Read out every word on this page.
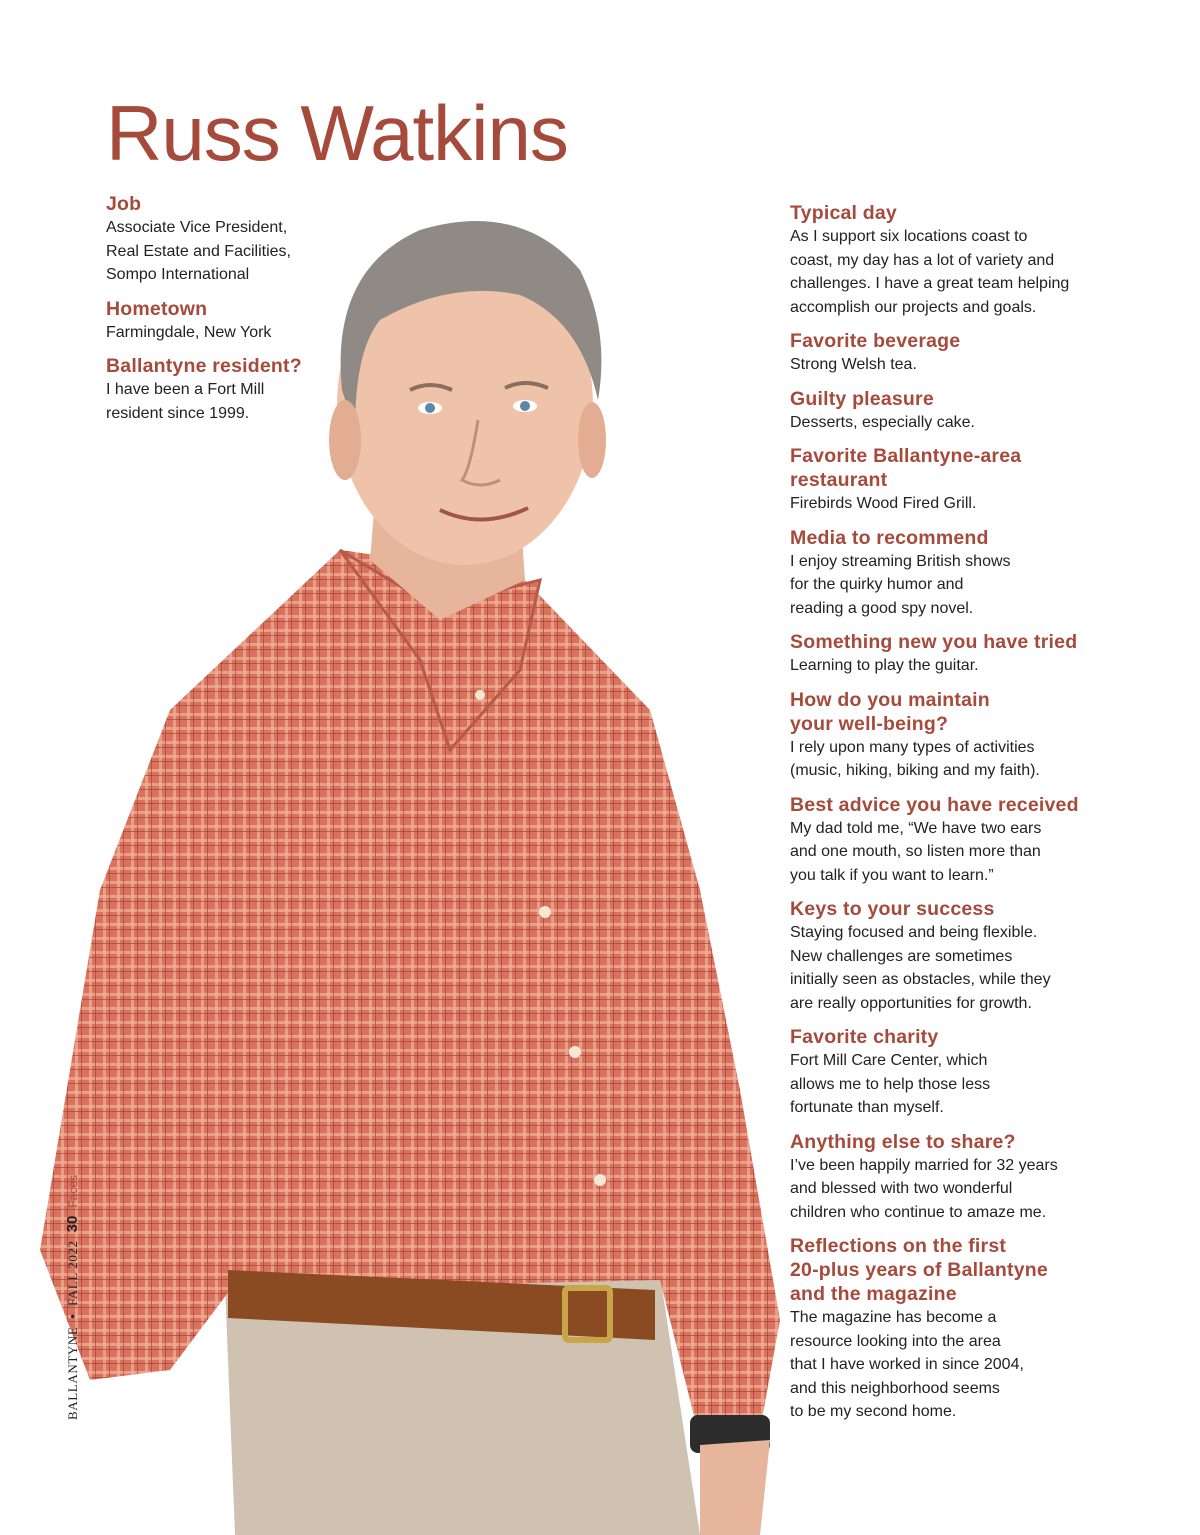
Russ Watkins
Job

Associate Vice President,
Real Estate and Facilities,
Sompo International

Hometown

Farmingdale, New York

Ballantyne resident?

I have been a Fort Mill
resident since 1999.

Typical day

As I support six locations coast to
coast, my day has a lot of variety and
challenges. I have a great team helping
accomplish our projects and goals.

Favorite beverage

Strong Welsh tea.

Guilty pleasure

Desserts, especially cake.

Favorite Ballantyne-area
restaurant

Firebirds Wood Fired Grill.

Media to recommend

I enjoy streaming British shows
for the quirky humor and
reading a good spy novel.

Something new you have tried

Learning to play the guitar.

How do you maintain
your well-being?

I rely upon many types of activities
(music, hiking, biking and my faith).

Best advice you have received

My dad told me, “We have two ears
and one mouth, so listen more than
you talk if you want to learn.”

Keys to your success

Staying focused and being flexible.
New challenges are sometimes
initially seen as obstacles, while they
are really opportunities for growth.

Favorite charity

Fort Mill Care Center, which
allows me to help those less
fortunate than myself.

Anything else to share?

I’ve been happily married for 32 years
and blessed with two wonderful
children who continue to amaze me.

Reflections on the first
20-plus years of Ballantyne
and the magazine

The magazine has become a
resource looking into the area
that I have worked in since 2004,
and this neighborhood seems
to be my second home.

BALLANTYNE
•
FALL 2022
30
Faces
